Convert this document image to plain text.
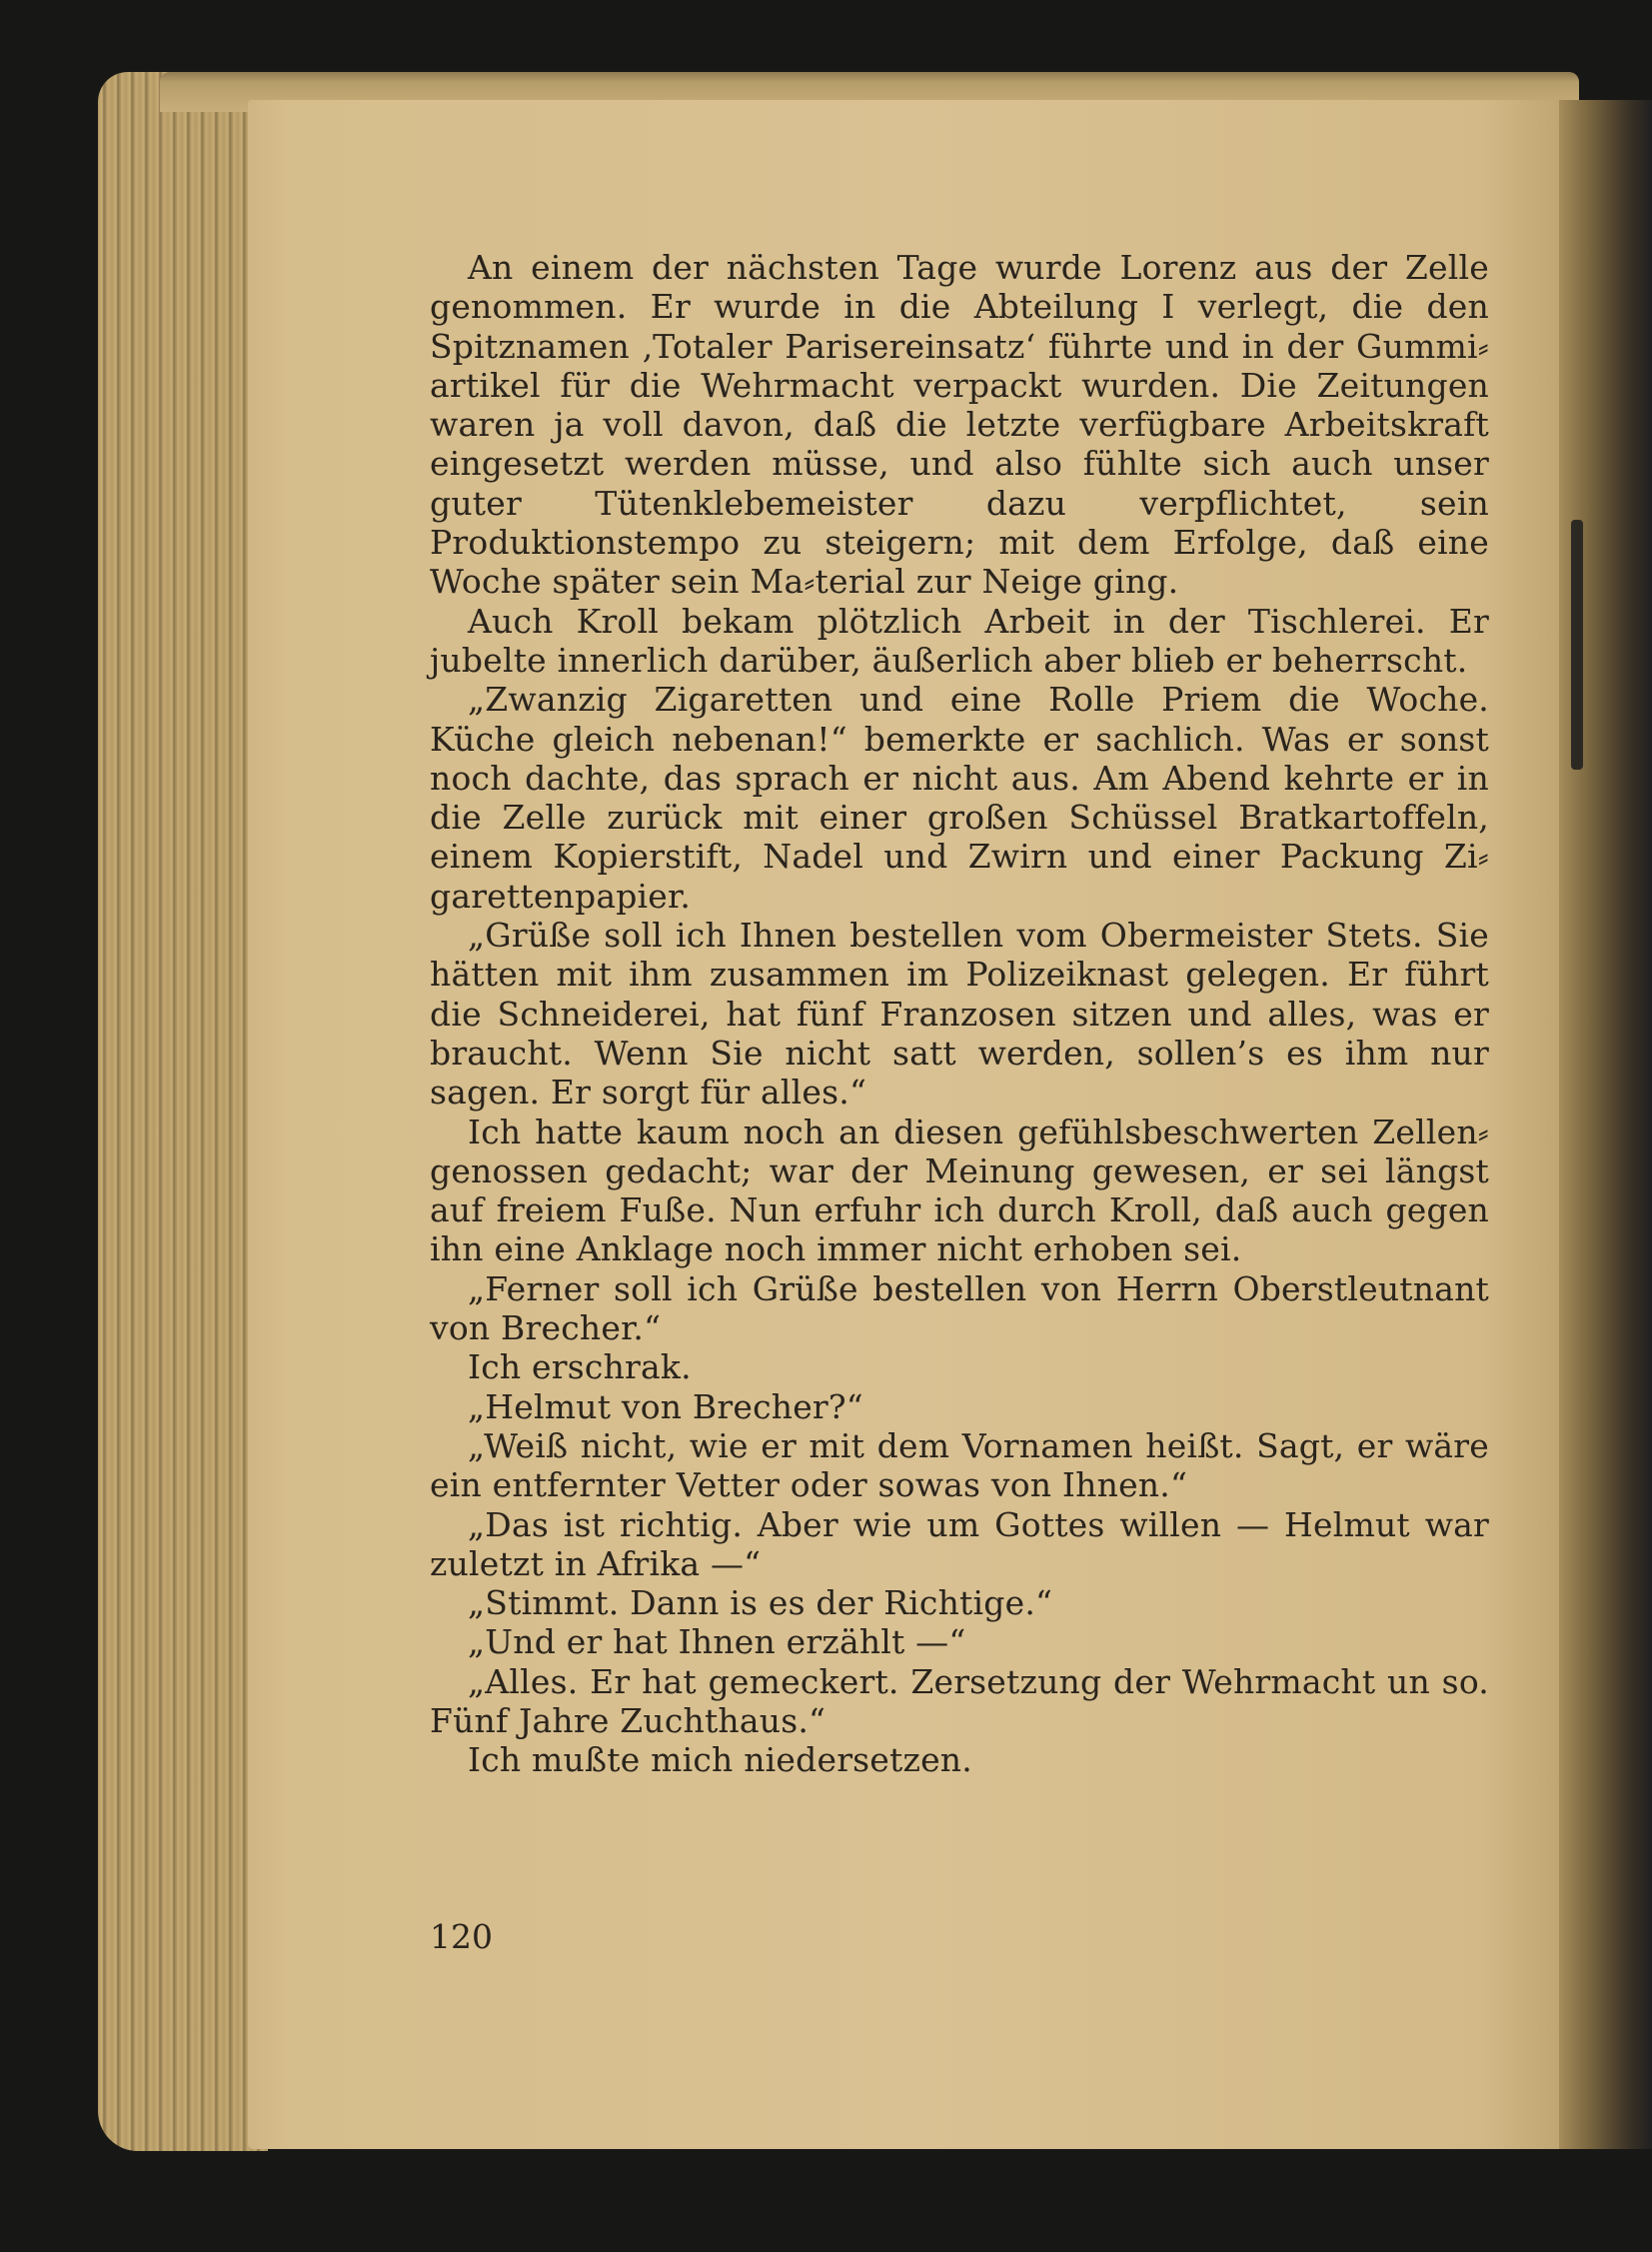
An einem der nächsten Tage wurde Lorenz aus der Zelle genommen. Er wurde in die Abteilung I verlegt, die den Spitznamen ‚Totaler Parisereinsatz‘ führte und in der Gummi⸗artikel für die Wehrmacht verpackt wurden. Die Zeitungen waren ja voll davon, daß die letzte verfügbare Arbeitskraft eingesetzt werden müsse, und also fühlte sich auch unser guter Tütenklebemeister dazu verpflichtet, sein Produktionstempo zu steigern; mit dem Erfolge, daß eine Woche später sein Ma⸗terial zur Neige ging.

Auch Kroll bekam plötzlich Arbeit in der Tischlerei. Er jubelte innerlich darüber, äußerlich aber blieb er beherrscht.

„Zwanzig Zigaretten und eine Rolle Priem die Woche. Küche gleich nebenan!“ bemerkte er sachlich. Was er sonst noch dachte, das sprach er nicht aus. Am Abend kehrte er in die Zelle zurück mit einer großen Schüssel Bratkartoffeln, einem Kopierstift, Nadel und Zwirn und einer Packung Zi⸗garettenpapier.

„Grüße soll ich Ihnen bestellen vom Obermeister Stets. Sie hätten mit ihm zusammen im Polizeiknast gelegen. Er führt die Schneiderei, hat fünf Franzosen sitzen und alles, was er braucht. Wenn Sie nicht satt werden, sollen’s es ihm nur sagen. Er sorgt für alles.“

Ich hatte kaum noch an diesen gefühlsbeschwerten Zellen⸗genossen gedacht; war der Meinung gewesen, er sei längst auf freiem Fuße. Nun erfuhr ich durch Kroll, daß auch gegen ihn eine Anklage noch immer nicht erhoben sei.

„Ferner soll ich Grüße bestellen von Herrn Oberstleutnant von Brecher.“

Ich erschrak.

„Helmut von Brecher?“

„Weiß nicht, wie er mit dem Vornamen heißt. Sagt, er wäre ein entfernter Vetter oder sowas von Ihnen.“

„Das ist richtig. Aber wie um Gottes willen — Helmut war zuletzt in Afrika —“

„Stimmt. Dann is es der Richtige.“

„Und er hat Ihnen erzählt —“

„Alles. Er hat gemeckert. Zersetzung der Wehrmacht un so. Fünf Jahre Zuchthaus.“

Ich mußte mich niedersetzen.

120
